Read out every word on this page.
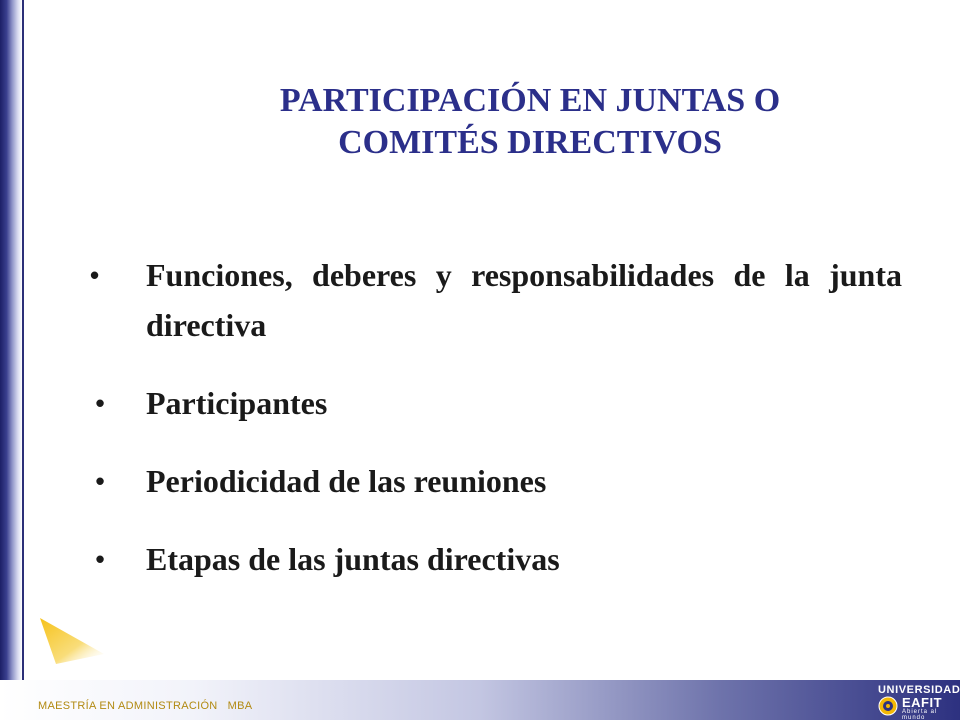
PARTICIPACIÓN EN JUNTAS O
COMITÉS DIRECTIVOS
•	Funciones, deberes y responsabilidades de la junta directiva
• Participantes
• Periodicidad de las reuniones
• Etapas de las juntas directivas
MAESTRÍA EN ADMINISTRACIÓN   MBA
UNIVERSIDAD
EAFIT
Abierta al mundo
